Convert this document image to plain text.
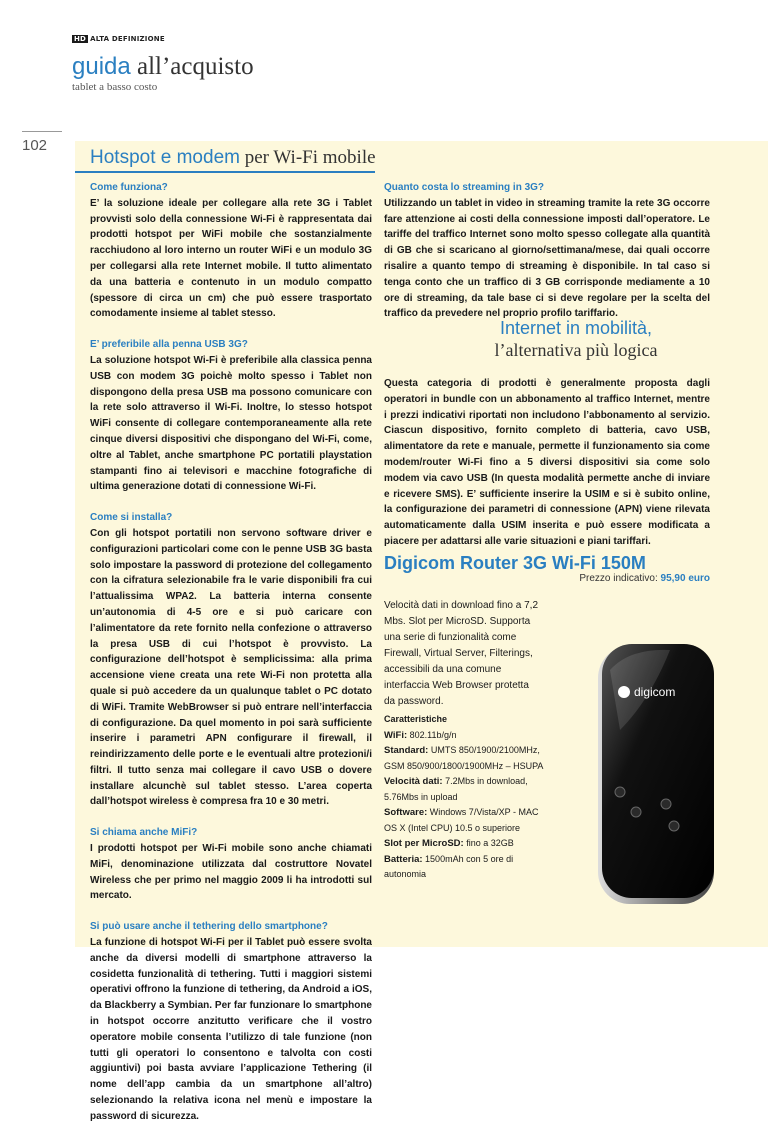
HD ALTA DEFINIZIONE
guida all’acquisto
tablet a basso costo
102
Hotspot e modem per Wi-Fi mobile
Come funziona?
E’ la soluzione ideale per collegare alla rete 3G i Tablet provvisti solo della connessione Wi-Fi è rappresentata dai prodotti hotspot per WiFi mobile che sostanzialmente racchiudono al loro interno un router WiFi e un modulo 3G per collegarsi alla rete Internet mobile. Il tutto alimentato da una batteria e contenuto in un modulo compatto (spessore di circa un cm) che può essere trasportato comodamente insieme al tablet stesso.
E’ preferibile alla penna USB 3G?
La soluzione hotspot Wi-Fi è preferibile alla classica penna USB con modem 3G poichè molto spesso i Tablet non dispongono della presa USB ma possono comunicare con la rete solo attraverso il Wi-Fi. Inoltre, lo stesso hotspot WiFi consente di collegare contemporaneamente alla rete cinque diversi dispositivi che dispongano del Wi-Fi, come, oltre al Tablet, anche smartphone PC portatili playstation stampanti fino ai televisori e macchine fotografiche di ultima generazione dotati di connessione Wi-Fi.
Come si installa?
Con gli hotspot portatili non servono software driver e configurazioni particolari come con le penne USB 3G basta solo impostare la password di protezione del collegamento con la cifratura selezionabile fra le varie disponibili fra cui l’attualissima WPA2. La batteria interna consente un’autonomia di 4-5 ore e si può caricare con l’alimentatore da rete fornito nella confezione o attraverso la presa USB di cui l’hotspot è provvisto. La configurazione dell’hotspot è semplicissima: alla prima accensione viene creata una rete Wi-Fi non protetta alla quale si può accedere da un qualunque tablet o PC dotato di WiFi. Tramite WebBrowser si può entrare nell’interfaccia di configurazione. Da quel momento in poi sarà sufficiente inserire i parametri APN configurare il firewall, il reindirizzamento delle porte e le eventuali altre protezioni/i filtri. Il tutto senza mai collegare il cavo USB o dovere installare alcunchè sul tablet stesso. L’area coperta dall’hotspot wireless è compresa fra 10 e 30 metri.
Si chiama anche MiFi?
I prodotti hotspot per Wi-Fi mobile sono anche chiamati MiFi, denominazione utilizzata dal costruttore Novatel Wireless che per primo nel maggio 2009 li ha introdotti sul mercato.
Si può usare anche il tethering dello smartphone?
La funzione di hotspot Wi-Fi per il Tablet può essere svolta anche da diversi modelli di smartphone attraverso la cosidetta funzionalità di tethering. Tutti i maggiori sistemi operativi offrono la funzione di tethering, da Android a iOS, da Blackberry a Symbian. Per far funzionare lo smartphone in hotspot occorre anzitutto verificare che il vostro operatore mobile consenta l’utilizzo di tale funzione (non tutti gli operatori lo consentono e talvolta con costi aggiuntivi) poi basta avviare l’applicazione Tethering (il nome dell’app cambia da un smartphone all’altro) selezionando la relativa icona nel menù e impostare la password di sicurezza.
Quanto costa lo streaming in 3G?
Utilizzando un tablet in video in streaming tramite la rete 3G occorre fare attenzione ai costi della connessione imposti dall’operatore. Le tariffe del traffico Internet sono molto spesso collegate alla quantità di GB che si scaricano al giorno/settimana/mese, dai quali occorre risalire a quanto tempo di streaming è disponibile. In tal caso si tenga conto che un traffico di 3 GB corrisponde mediamente a 10 ore di streaming, da tale base ci si deve regolare per la scelta del traffico da prevedere nel proprio profilo tariffario.
Internet in mobilità,
l’alternativa più logica
Questa categoria di prodotti è generalmente proposta dagli operatori in bundle con un abbonamento al traffico Internet, mentre i prezzi indicativi riportati non includono l’abbonamento al servizio. Ciascun dispositivo, fornito completo di batteria, cavo USB, alimentatore da rete e manuale, permette il funzionamento sia come modem/router Wi-Fi fino a 5 diversi dispositivi sia come solo modem via cavo USB (In questa modalità permette anche di inviare e ricevere SMS). E’ sufficiente inserire la USIM e si è subito online, la configurazione dei parametri di connessione (APN) viene rilevata automaticamente dalla USIM inserita e può essere modificata a piacere per adattarsi alle varie situazioni e piani tariffari.
Digicom Router 3G Wi-Fi 150M
Prezzo indicativo: 95,90 euro
Velocità dati in download fino a 7,2 Mbs. Slot per MicroSD. Supporta una serie di funzionalità come Firewall, Virtual Server, Filterings, accessibili da una comune interfaccia Web Browser protetta da password.
Caratteristiche
WiFi: 802.11b/g/n
Standard: UMTS 850/1900/2100MHz, GSM 850/900/1800/1900MHz – HSUPA
Velocità dati: 7.2Mbs in download, 5.76Mbs in upload
Software: Windows 7/Vista/XP - MAC OS X (Intel CPU) 10.5 o superiore
Slot per MicroSD: fino a 32GB
Batteria: 1500mAh con 5 ore di autonomia
digicom
